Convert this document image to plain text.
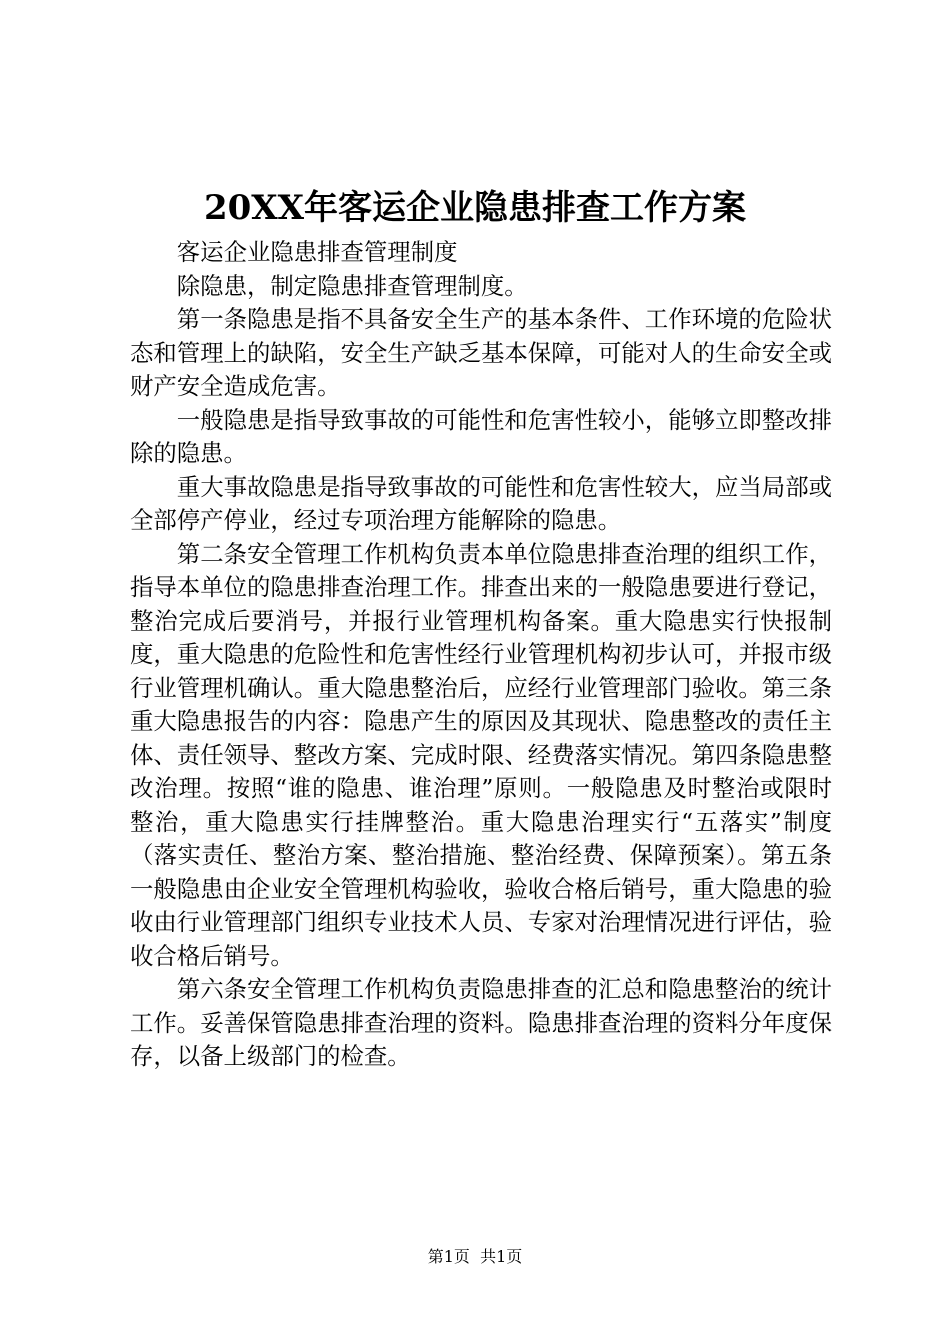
20XX年客运企业隐患排查工作方案

客运企业隐患排查管理制度

除隐患，制定隐患排查管理制度。

第一条隐患是指不具备安全生产的基本条件、工作环境的危险状态和管理上的缺陷，安全生产缺乏基本保障，可能对人的生命安全或财产安全造成危害。

一般隐患是指导致事故的可能性和危害性较小，能够立即整改排除的隐患。

重大事故隐患是指导致事故的可能性和危害性较大，应当局部或全部停产停业，经过专项治理方能解除的隐患。

第二条安全管理工作机构负责本单位隐患排查治理的组织工作，指导本单位的隐患排查治理工作。排查出来的一般隐患要进行登记，整治完成后要消号，并报行业管理机构备案。重大隐患实行快报制度，重大隐患的危险性和危害性经行业管理机构初步认可，并报市级行业管理机确认。重大隐患整治后，应经行业管理部门验收。第三条重大隐患报告的内容：隐患产生的原因及其现状、隐患整改的责任主体、责任领导、整改方案、完成时限、经费落实情况。第四条隐患整改治理。按照“谁的隐患、谁治理”原则。一般隐患及时整治或限时整治，重大隐患实行挂牌整治。重大隐患治理实行“五落实”制度（落实责任、整治方案、整治措施、整治经费、保障预案）。第五条一般隐患由企业安全管理机构验收，验收合格后销号，重大隐患的验收由行业管理部门组织专业技术人员、专家对治理情况进行评估，验收合格后销号。

第六条安全管理工作机构负责隐患排查的汇总和隐患整治的统计工作。妥善保管隐患排查治理的资料。隐患排查治理的资料分年度保存，以备上级部门的检查。

第1页  共1页
